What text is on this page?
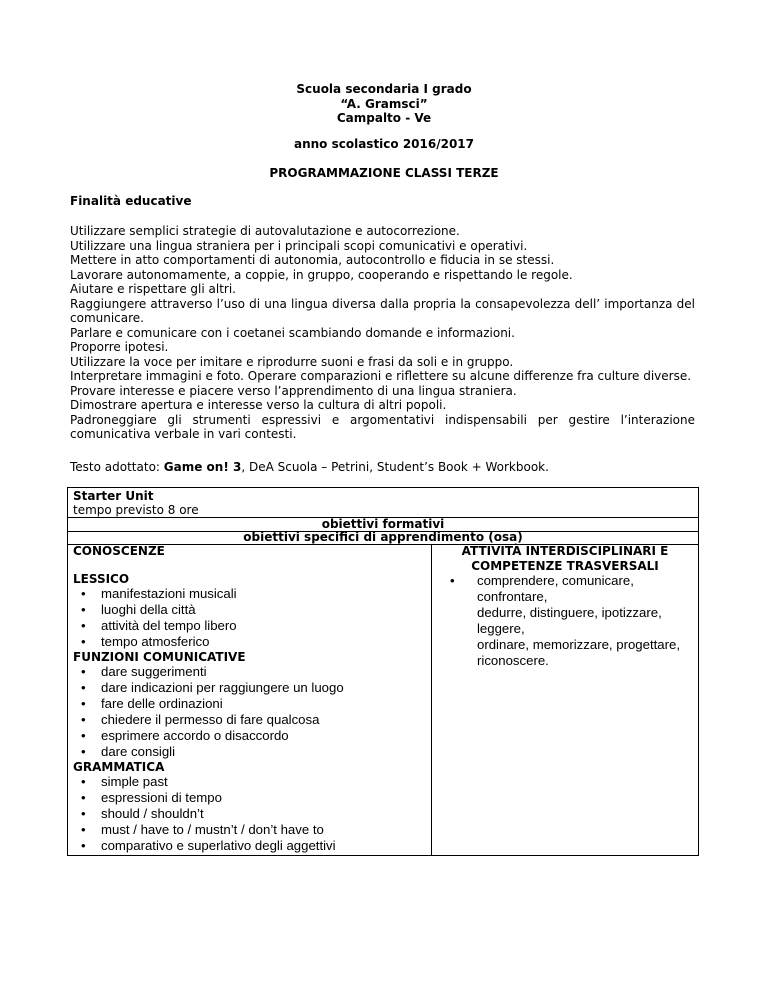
Scuola secondaria I grado
“A. Gramsci”
Campalto - Ve
anno scolastico 2016/2017
PROGRAMMAZIONE CLASSI TERZE
Finalità educative

Utilizzare semplici strategie di autovalutazione e autocorrezione.

Utilizzare una lingua straniera per i principali scopi comunicativi e operativi.

Mettere in atto comportamenti di autonomia, autocontrollo e fiducia in se stessi.

Lavorare autonomamente, a coppie, in gruppo, cooperando e rispettando le regole.

Aiutare e rispettare gli altri.

Raggiungere attraverso l’uso di una lingua diversa dalla propria la consapevolezza dell’ importanza del

comunicare.

Parlare e comunicare con i coetanei scambiando domande e informazioni.

Proporre ipotesi.

Utilizzare la voce per imitare e riprodurre suoni e frasi da soli e in gruppo.

Interpretare immagini e foto. Operare comparazioni e riflettere su alcune differenze fra culture diverse.

Provare interesse e piacere verso l’apprendimento di una lingua straniera.

Dimostrare apertura e interesse verso la cultura di altri popoli.

Padroneggiare gli strumenti espressivi e argomentativi indispensabili per gestire l’interazione

comunicativa verbale in vari contesti.

Testo adottato: Game on! 3, DeA Scuola – Petrini, Student’s Book + Workbook.
Starter Unit
tempo previsto 8 ore
obiettivi formativi
obiettivi specifici di apprendimento (osa)
CONOSCENZE	ATTIVITÀ INTERDISCIPLINARI E
COMPETENZE TRASVERSALI
LESSICO
• manifestazioni musicali
• luoghi della città
• attività del tempo libero
• tempo atmosferico
FUNZIONI COMUNICATIVE
• dare suggerimenti
• dare indicazioni per raggiungere un luogo
• fare delle ordinazioni
• chiedere il permesso di fare qualcosa
• esprimere accordo o disaccordo
• dare consigli
GRAMMATICA
• simple past
• espressioni di tempo
• should / shouldn’t
• must / have to / mustn’t / don’t have to
• comparativo e superlativo degli aggettivi
• comprendere, comunicare, confrontare,
dedurre, distinguere, ipotizzare, leggere,
ordinare, memorizzare, progettare,
riconoscere.
